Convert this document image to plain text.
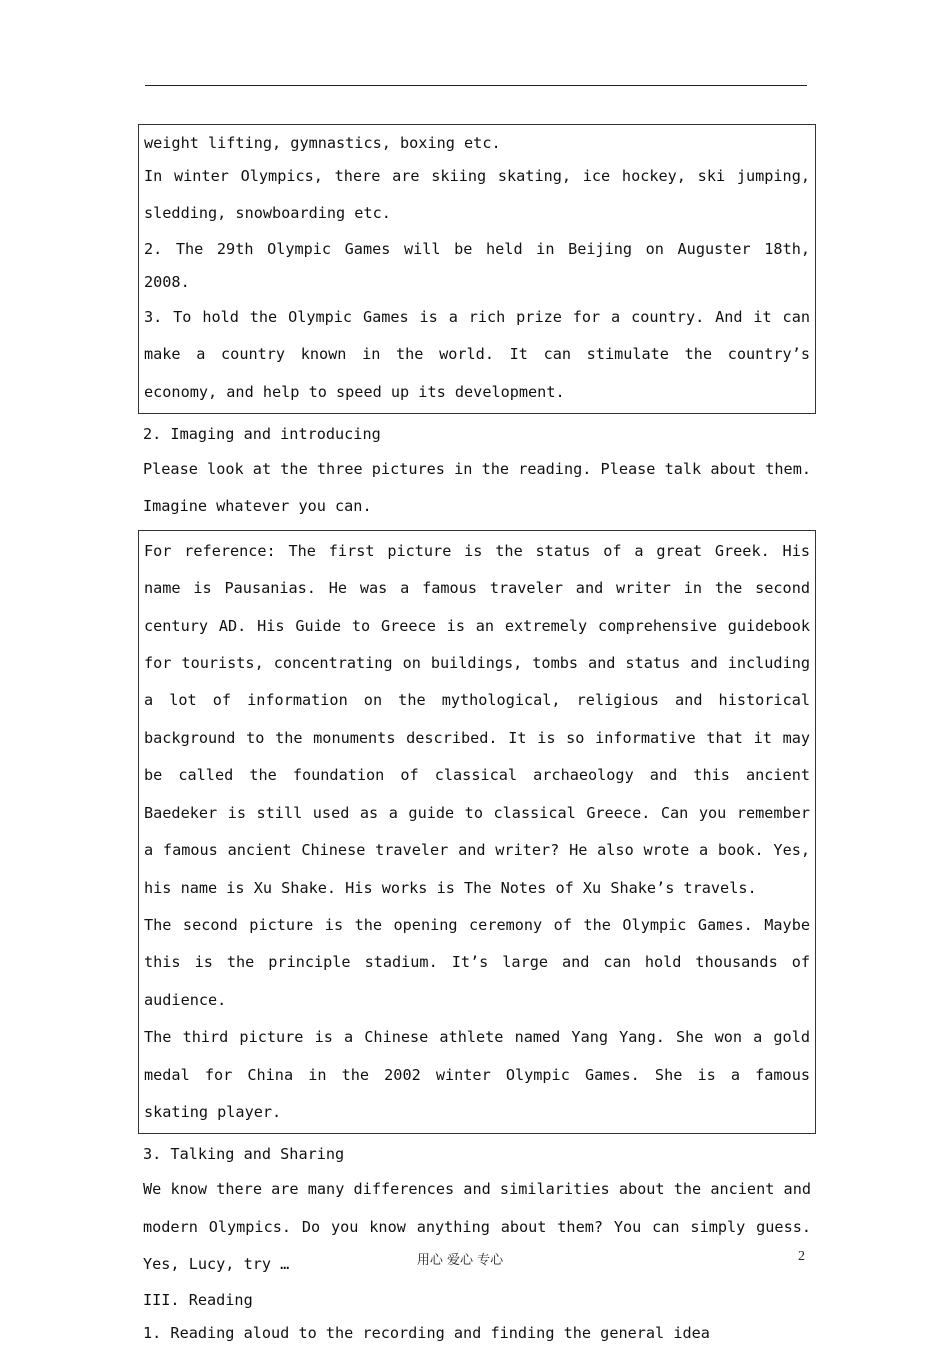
weight lifting, gymnastics, boxing etc.

In winter Olympics, there are skiing skating, ice hockey, ski jumping, sledding, snowboarding etc.

2. The 29th Olympic Games will be held in Beijing on Auguster 18th, 2008.

3. To hold the Olympic Games is a rich prize for a country. And it can make a country known in the world. It can stimulate the country’s economy, and help to speed up its development.

2. Imaging and introducing

Please look at the three pictures in the reading. Please talk about them. Imagine whatever you can.

For reference: The first picture is the status of a great Greek. His name is Pausanias. He was a famous traveler and writer in the second century AD. His Guide to Greece is an extremely comprehensive guidebook for tourists, concentrating on buildings, tombs and status and including a lot of information on the mythological, religious and historical background to the monuments described. It is so informative that it may be called the foundation of classical archaeology and this ancient Baedeker is still used as a guide to classical Greece. Can you remember a famous ancient Chinese traveler and writer? He also wrote a book. Yes, his name is Xu Shake. His works is The Notes of Xu Shake’s travels.

The second picture is the opening ceremony of the Olympic Games. Maybe this is the principle stadium. It’s large and can hold thousands of audience.

The third picture is a Chinese athlete named Yang Yang. She won a gold medal for China in the 2002 winter Olympic Games. She is a famous skating player.

3. Talking and Sharing

We know there are many differences and similarities about the ancient and modern Olympics. Do you know anything about them? You can simply guess. Yes, Lucy, try …

III. Reading

1. Reading aloud to the recording and finding the general idea

用心 爱心 专心	2
